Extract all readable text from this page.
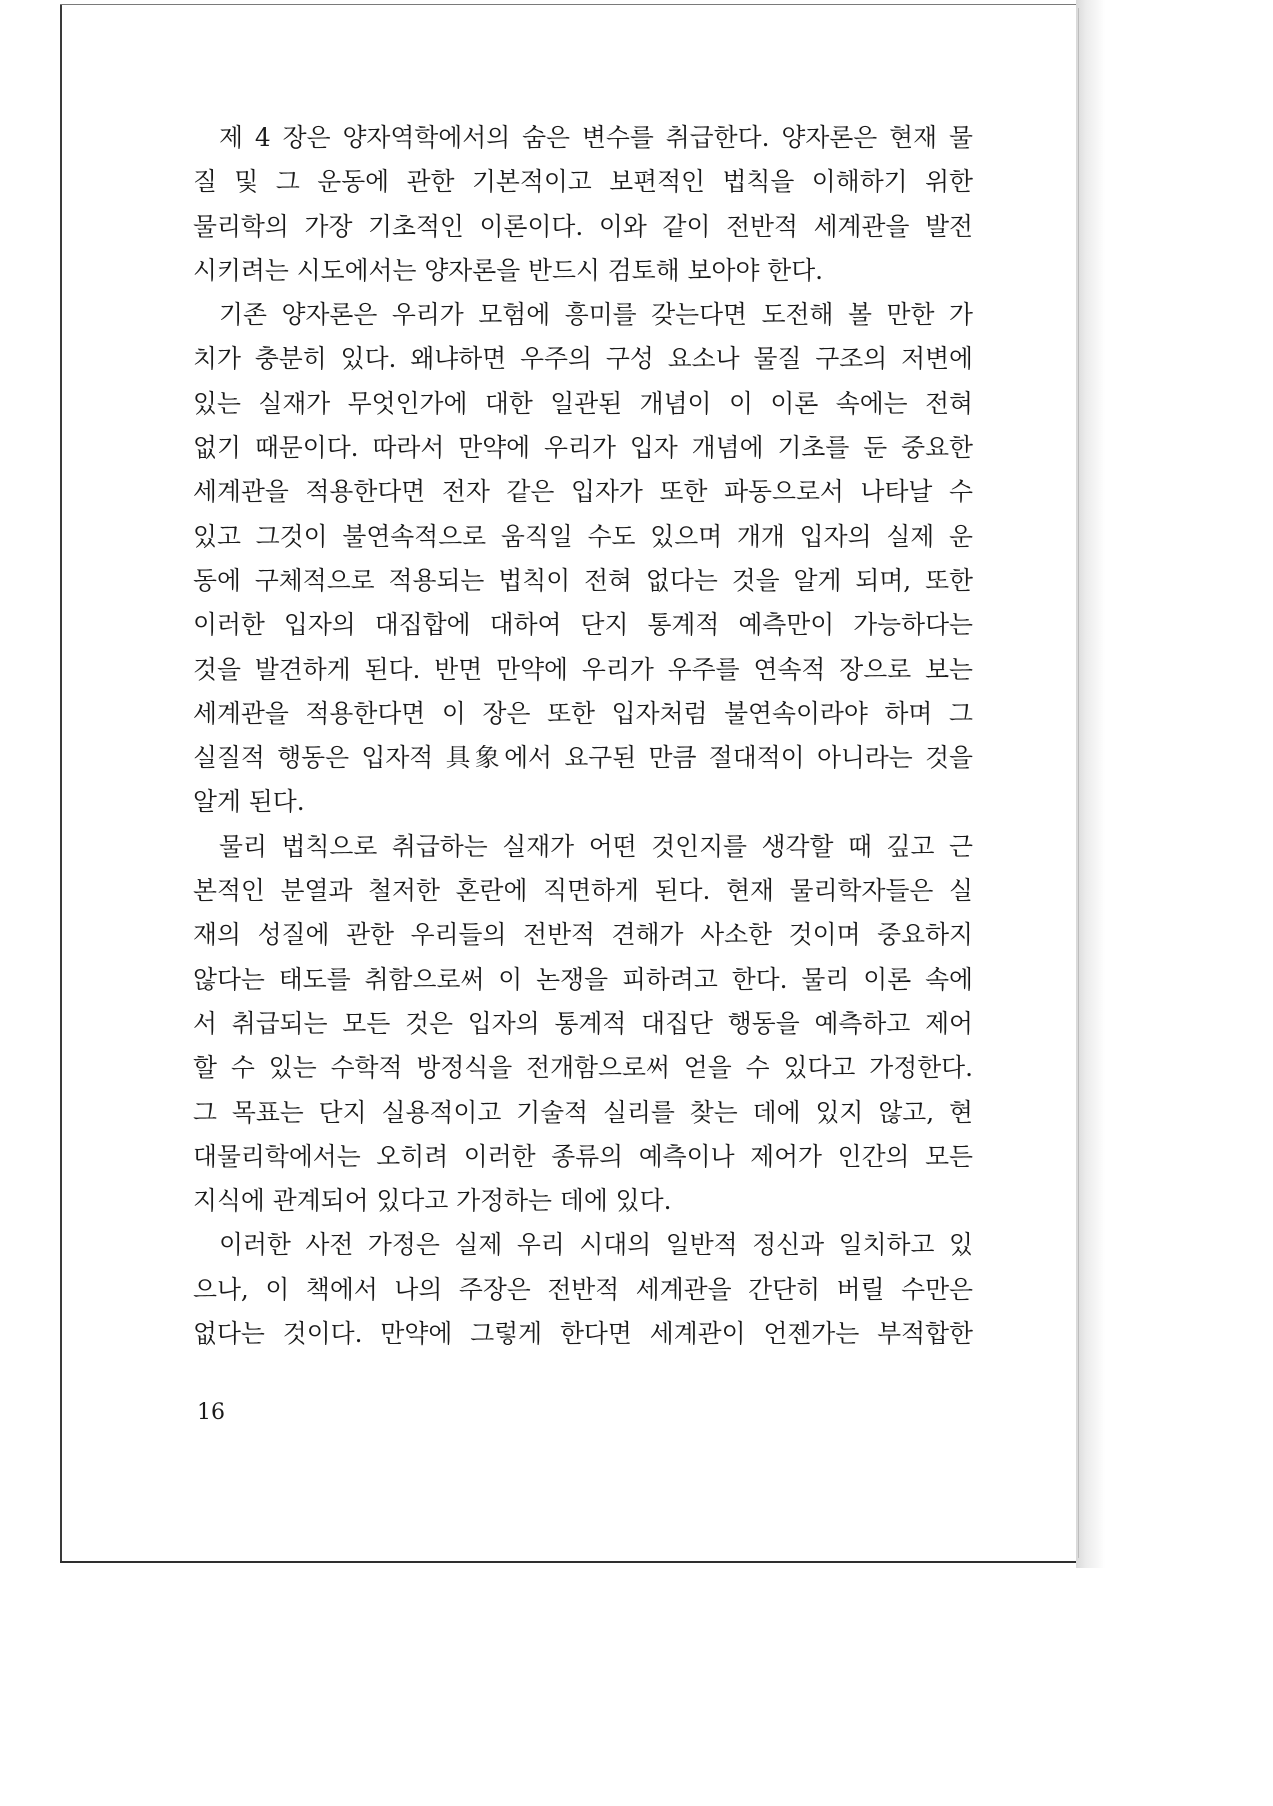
제 4 장은 양자역학에서의 숨은 변수를 취급한다. 양자론은 현재 물
질 및 그 운동에 관한 기본적이고 보편적인 법칙을 이해하기 위한
물리학의 가장 기초적인 이론이다. 이와 같이 전반적 세계관을 발전
시키려는 시도에서는 양자론을 반드시 검토해 보아야 한다.
기존 양자론은 우리가 모험에 흥미를 갖는다면 도전해 볼 만한 가
치가 충분히 있다. 왜냐하면 우주의 구성 요소나 물질 구조의 저변에
있는 실재가 무엇인가에 대한 일관된 개념이 이 이론 속에는 전혀
없기 때문이다. 따라서 만약에 우리가 입자 개념에 기초를 둔 중요한
세계관을 적용한다면 전자 같은 입자가 또한 파동으로서 나타날 수
있고 그것이 불연속적으로 움직일 수도 있으며 개개 입자의 실제 운
동에 구체적으로 적용되는 법칙이 전혀 없다는 것을 알게 되며, 또한
이러한 입자의 대집합에 대하여 단지 통계적 예측만이 가능하다는
것을 발견하게 된다. 반면 만약에 우리가 우주를 연속적 장으로 보는
세계관을 적용한다면 이 장은 또한 입자처럼 불연속이라야 하며 그
실질적 행동은 입자적 具象에서 요구된 만큼 절대적이 아니라는 것을
알게 된다.
물리 법칙으로 취급하는 실재가 어떤 것인지를 생각할 때 깊고 근
본적인 분열과 철저한 혼란에 직면하게 된다. 현재 물리학자들은 실
재의 성질에 관한 우리들의 전반적 견해가 사소한 것이며 중요하지
않다는 태도를 취함으로써 이 논쟁을 피하려고 한다. 물리 이론 속에
서 취급되는 모든 것은 입자의 통계적 대집단 행동을 예측하고 제어
할 수 있는 수학적 방정식을 전개함으로써 얻을 수 있다고 가정한다.
그 목표는 단지 실용적이고 기술적 실리를 찾는 데에 있지 않고, 현
대물리학에서는 오히려 이러한 종류의 예측이나 제어가 인간의 모든
지식에 관계되어 있다고 가정하는 데에 있다.
이러한 사전 가정은 실제 우리 시대의 일반적 정신과 일치하고 있
으나, 이 책에서 나의 주장은 전반적 세계관을 간단히 버릴 수만은
없다는 것이다. 만약에 그렇게 한다면 세계관이 언젠가는 부적합한
16
